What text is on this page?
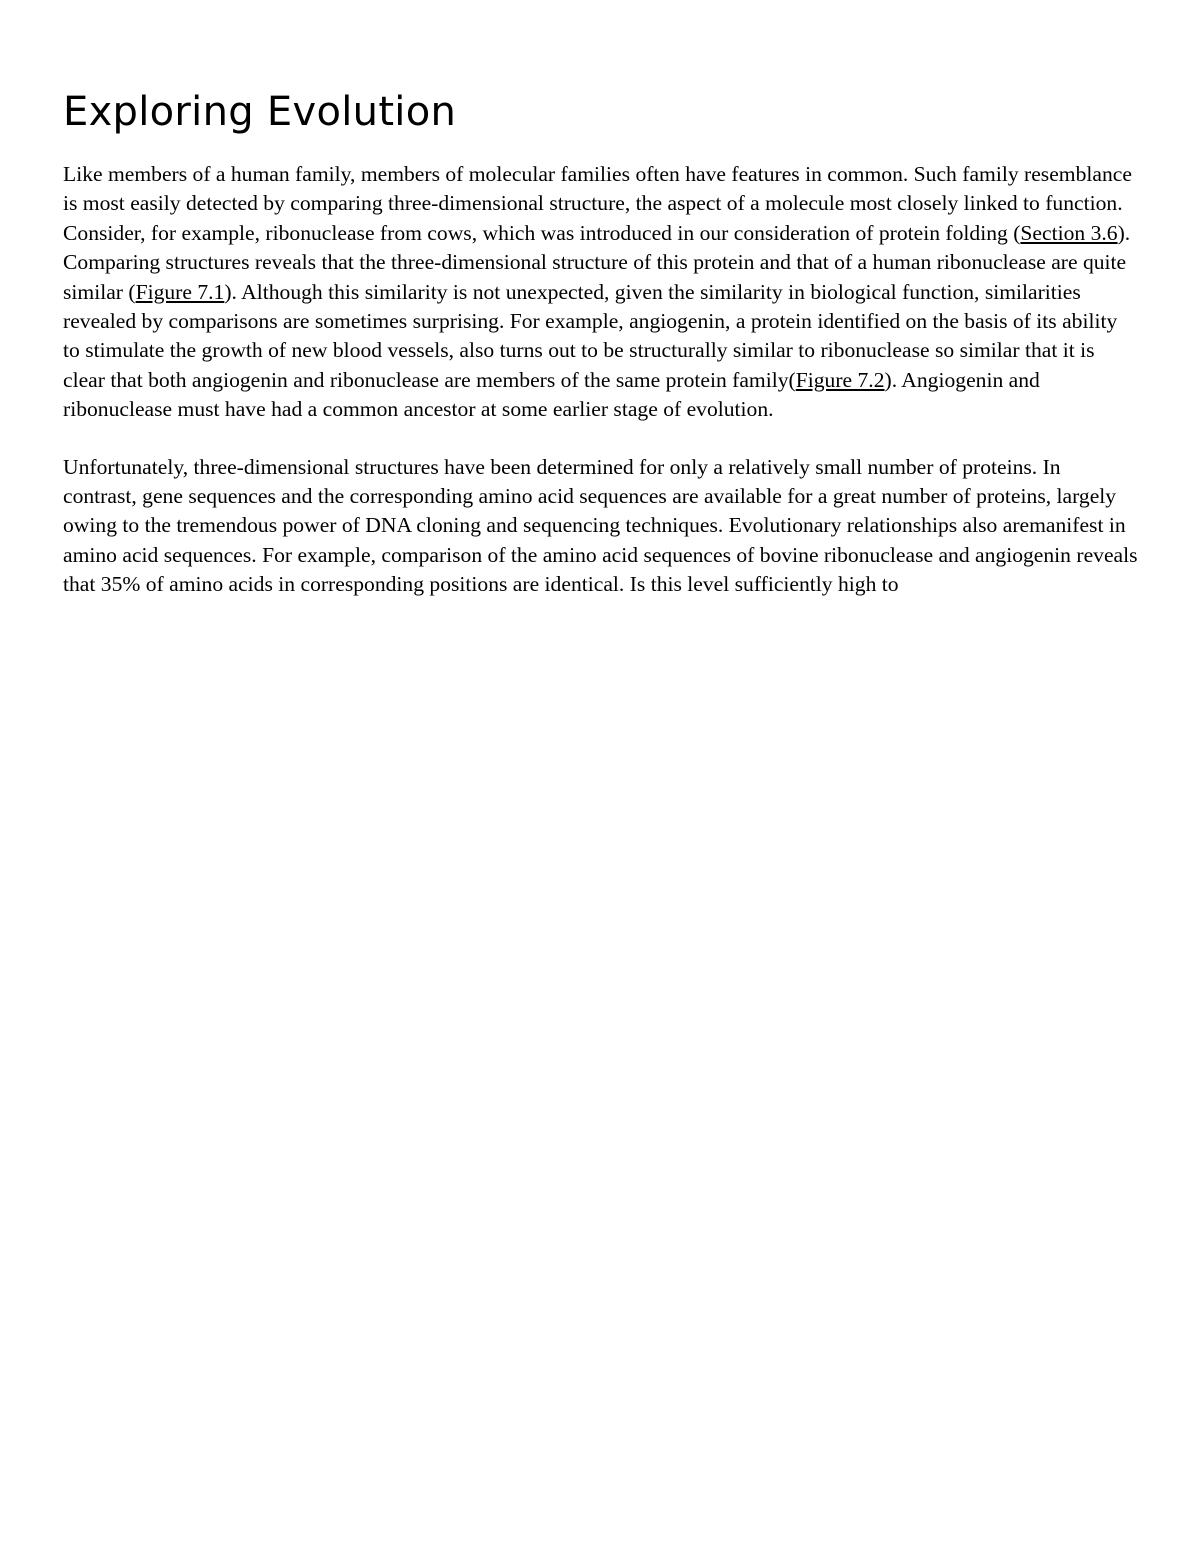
Exploring Evolution

Like members of a human family, members of molecular families often have features in common. Such family resemblance is most easily detected by comparing three-dimensional structure, the aspect of a molecule most closely linked to function. Consider, for example, ribonuclease from cows, which was introduced in our consideration of protein folding (Section 3.6). Comparing structures reveals that the three-dimensional structure of this protein and that of a human ribonuclease are quite similar (Figure 7.1). Although this similarity is not unexpected, given the similarity in biological function, similarities revealed by comparisons are sometimes surprising. For example, angiogenin, a protein identified on the basis of its ability to stimulate the growth of new blood vessels, also turns out to be structurally similar to ribonuclease so similar that it is clear that both angiogenin and ribonuclease are members of the same protein family(Figure 7.2). Angiogenin and ribonuclease must have had a common ancestor at some earlier stage of evolution.

Unfortunately, three-dimensional structures have been determined for only a relatively small number of proteins. In contrast, gene sequences and the corresponding amino acid sequences are available for a great number of proteins, largely owing to the tremendous power of DNA cloning and sequencing techniques. Evolutionary relationships also aremanifest in amino acid sequences. For example, comparison of the amino acid sequences of bovine ribonuclease and angiogenin reveals that 35% of amino acids in corresponding positions are identical. Is this level sufficiently high to
